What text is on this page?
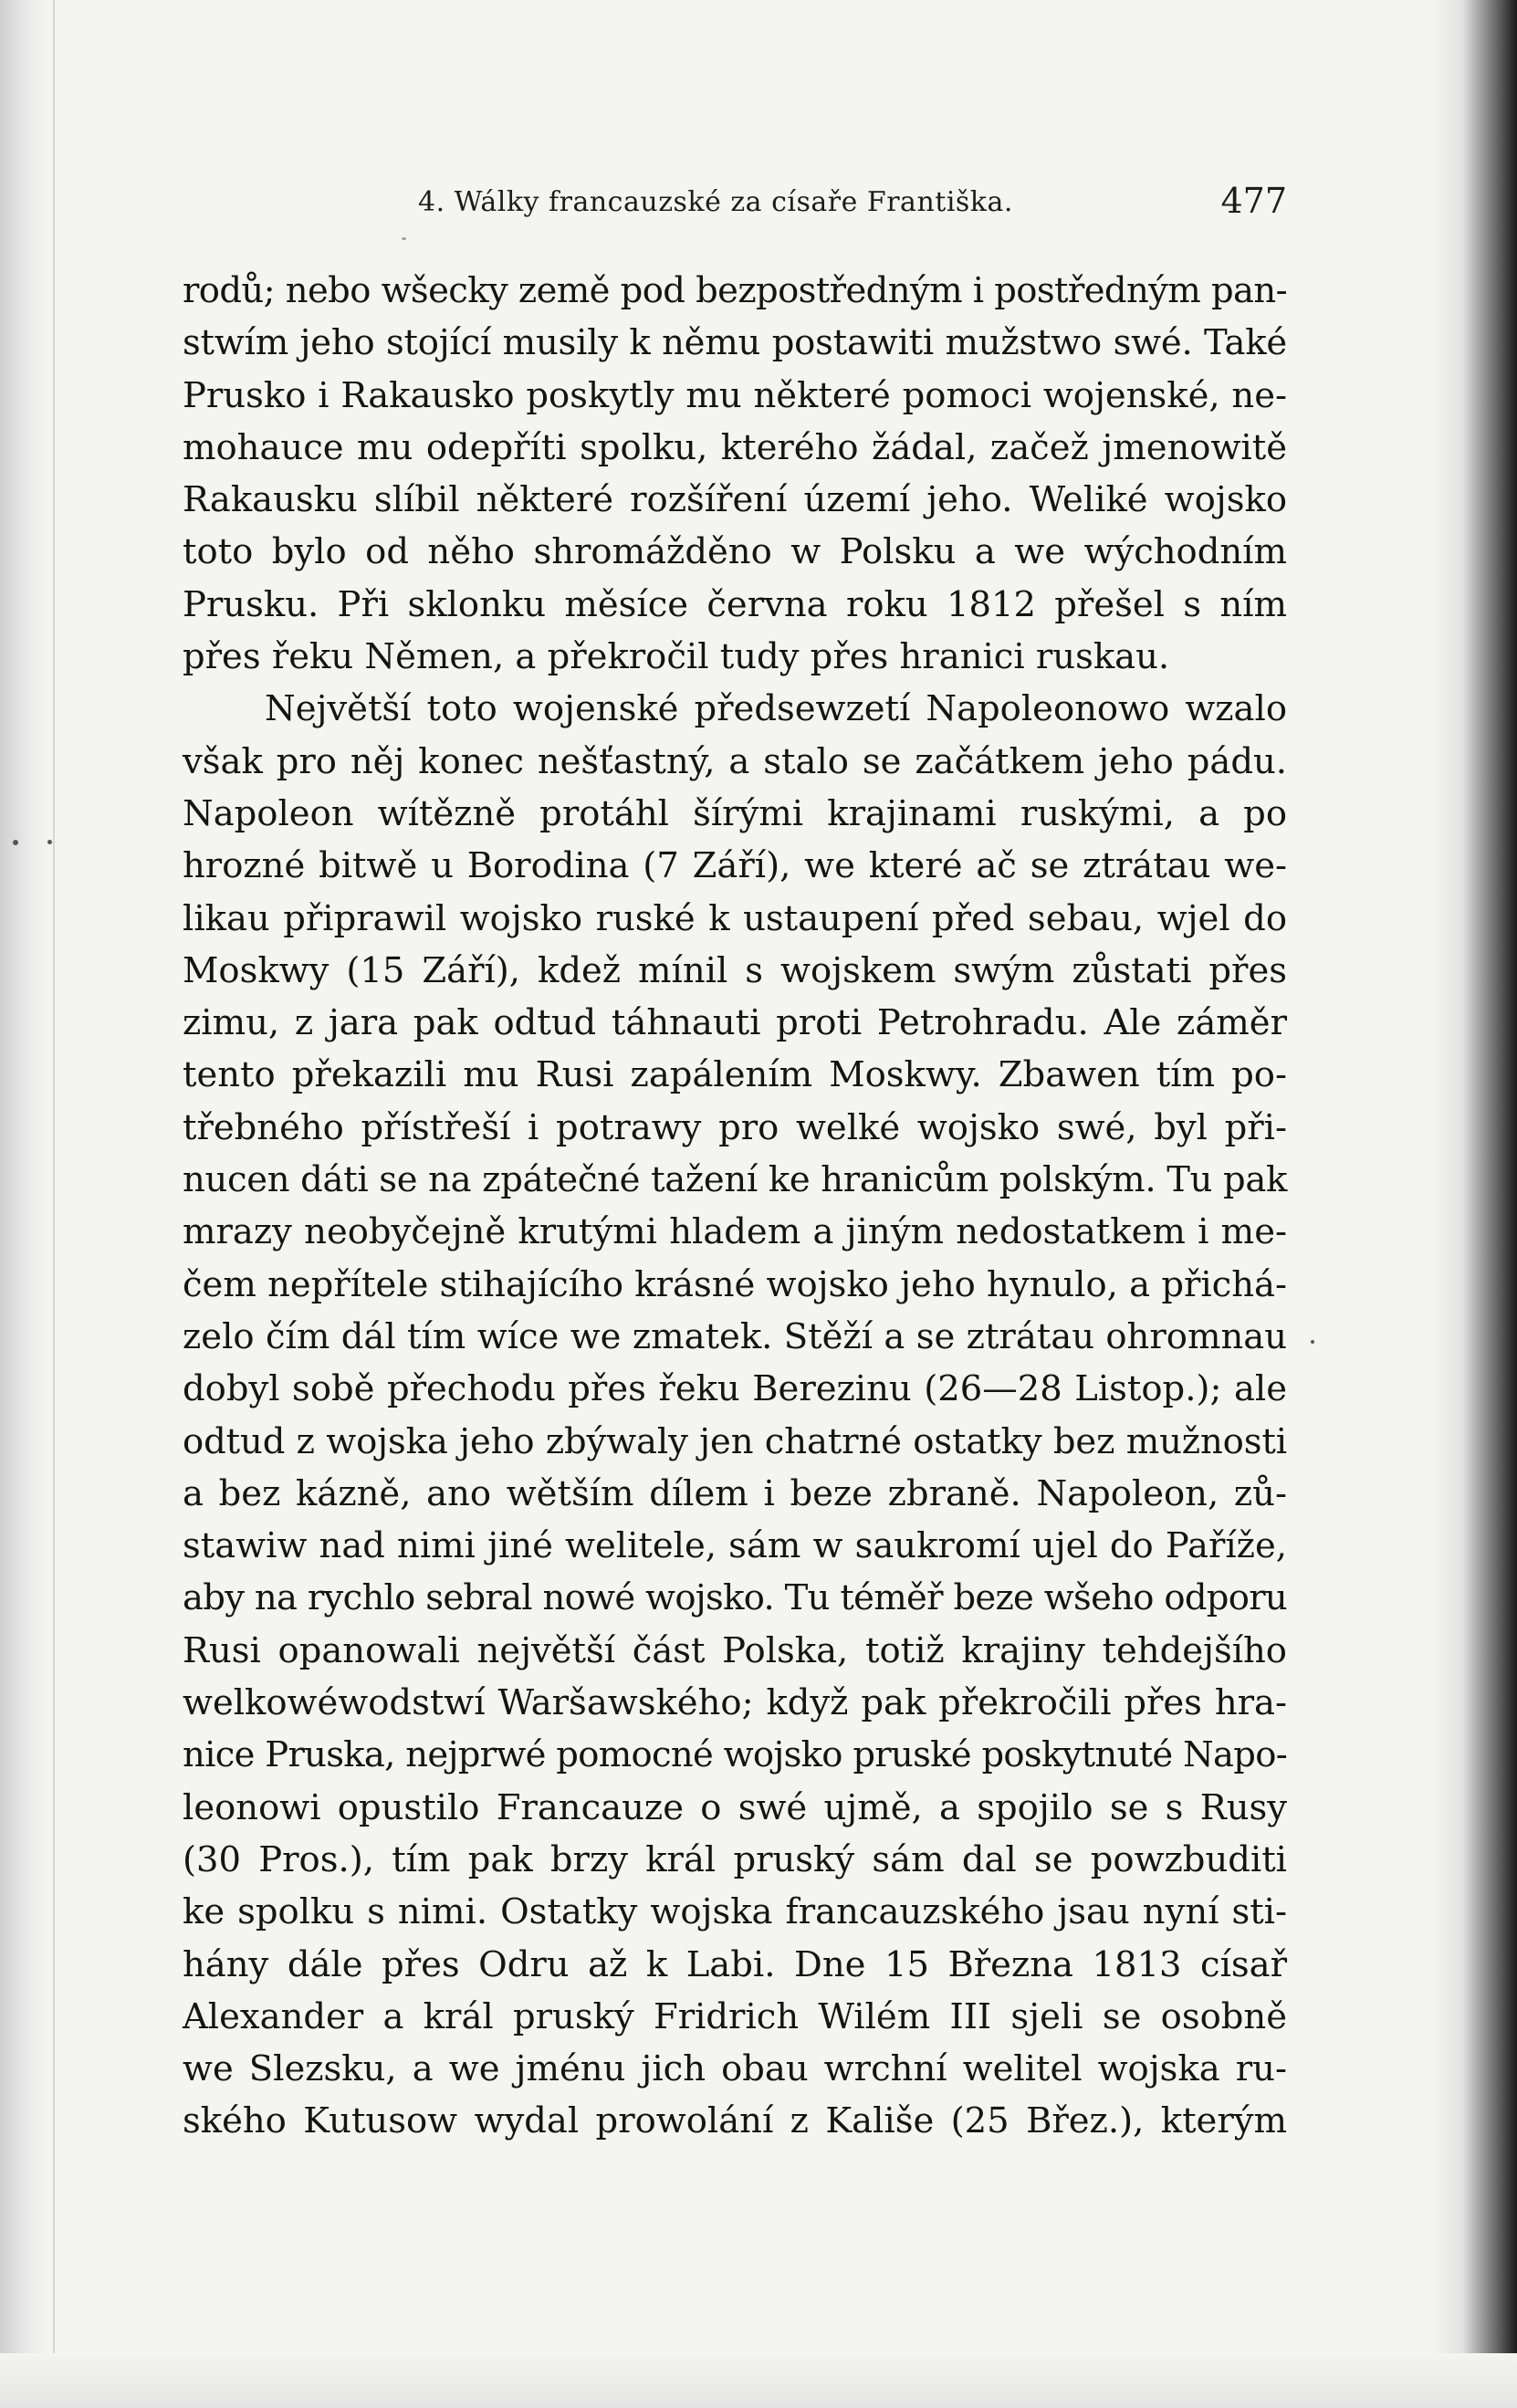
4. Wálky francauzské za císaře Františka.	477
rodů; nebo wšecky země pod bezpostředným i postředným pan-
stwím jeho stojící musily k němu postawiti mužstwo swé. Také
Prusko i Rakausko poskytly mu některé pomoci wojenské, ne-
mohauce mu odepříti spolku, kterého žádal, začež jmenowitě
Rakausku slíbil některé rozšíření území jeho. Weliké wojsko
toto bylo od něho shromážděno w Polsku a we wýchodním
Prusku. Při sklonku měsíce června roku 1812 přešel s ním
přes řeku Němen, a překročil tudy přes hranici ruskau.
Největší toto wojenské předsewzetí Napoleonowo wzalo
však pro něj konec nešťastný, a stalo se začátkem jeho pádu.
Napoleon wítězně protáhl šírými krajinami ruskými, a po
hrozné bitwě u Borodina (7 Září), we které ač se ztrátau we-
likau připrawil wojsko ruské k ustaupení před sebau, wjel do
Moskwy (15 Září), kdež mínil s wojskem swým zůstati přes
zimu, z jara pak odtud táhnauti proti Petrohradu. Ale záměr
tento překazili mu Rusi zapálením Moskwy. Zbawen tím po-
třebného přístřeší i potrawy pro welké wojsko swé, byl při-
nucen dáti se na zpátečné tažení ke hranicům polským. Tu pak
mrazy neobyčejně krutými hladem a jiným nedostatkem i me-
čem nepřítele stihajícího krásné wojsko jeho hynulo, a přichá-
zelo čím dál tím wíce we zmatek. Stěží a se ztrátau ohromnau
dobyl sobě přechodu přes řeku Berezinu (26—28 Listop.); ale
odtud z wojska jeho zbýwaly jen chatrné ostatky bez mužnosti
a bez kázně, ano wětším dílem i beze zbraně. Napoleon, zů-
stawiw nad nimi jiné welitele, sám w saukromí ujel do Paříže,
aby na rychlo sebral nowé wojsko. Tu téměř beze wšeho odporu
Rusi opanowali největší část Polska, totiž krajiny tehdejšího
welkowéwodstwí Waršawského; když pak překročili přes hra-
nice Pruska, nejprwé pomocné wojsko pruské poskytnuté Napo-
leonowi opustilo Francauze o swé ujmě, a spojilo se s Rusy
(30 Pros.), tím pak brzy král pruský sám dal se powzbuditi
ke spolku s nimi. Ostatky wojska francauzského jsau nyní sti-
hány dále přes Odru až k Labi. Dne 15 Března 1813 císař
Alexander a král pruský Fridrich Wilém III sjeli se osobně
we Slezsku, a we jménu jich obau wrchní welitel wojska ru-
ského Kutusow wydal prowolání z Kališe (25 Břez.), kterým
